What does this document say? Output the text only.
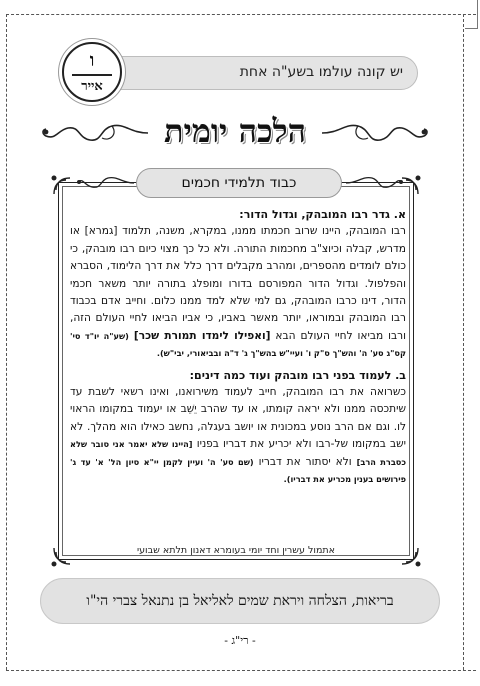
יש קונה עולמו בשע"ה אחת
ו
אייר
הלכה יומית
כבוד תלמידי חכמים

א. גדר רבו המובהק, וגדול הדור:

רבו המובהק, היינו שרוב חכמתו ממנו, במקרא, משנה, תלמוד [גמרא] או מדרש, קבלה וכיוצ"ב מחכמות התורה. ולא כל כך מצוי כיום רבו מובהק, כי כולם לומדים מהספרים, ומהרב מקבלים דרך כלל את דרך הלימוד, הסברא והפלפול. וגדול הדור המפורסם בדורו ומופלג בתורה יותר משאר חכמי הדור, דינו כרבו המובהק, גם למי שלא למד ממנו כלום. וחייב אדם בכבוד רבו המובהק ובמוראו, יותר מאשר באביו, כי אביו הביאו לחיי העולם הזה, ורבו מביאו לחיי העולם הבא [ואפילו לימדו תמורת שכר] (שע"ה יו"ד סי' קס"ג סע' ה' והש"ך ס"ק ו' ועיי"ש בהש"ך ג' ד"ה ובביאורי, יבי"ש).

ב. לעמוד בפני רבו מובהק ועוד כמה דינים:

כשרואה את רבו המובהק, חייב לעמוד משירואנו, ואינו רשאי לשבת עד שיתכסה ממנו ולא יראה קומתו, או עד שהרב יֵשֵׁב או יעמוד במקומו הראוי לו. וגם אם הרב נוסע במכונית או יושב בעגלה, נחשב כאילו הוא מהלך. לא ישב במקומו של-רבו ולא יכריע את דבריו בפניו [היינו שלא יאמר אני סובר שלא כסברת הרב] ולא יסתור את דבריו (שם סע' ה' ועיין לקמן יי"א סיון הל' א' עד ג' פירושים בענין מכריע את דבריו).

אתמול עשרין וחד יומי בעומרא דאנון תלתא שבועי
בריאות, הצלחה ויראת שמים לאליאל בן נתנאל צברי הי"ו
- רי"ג -
